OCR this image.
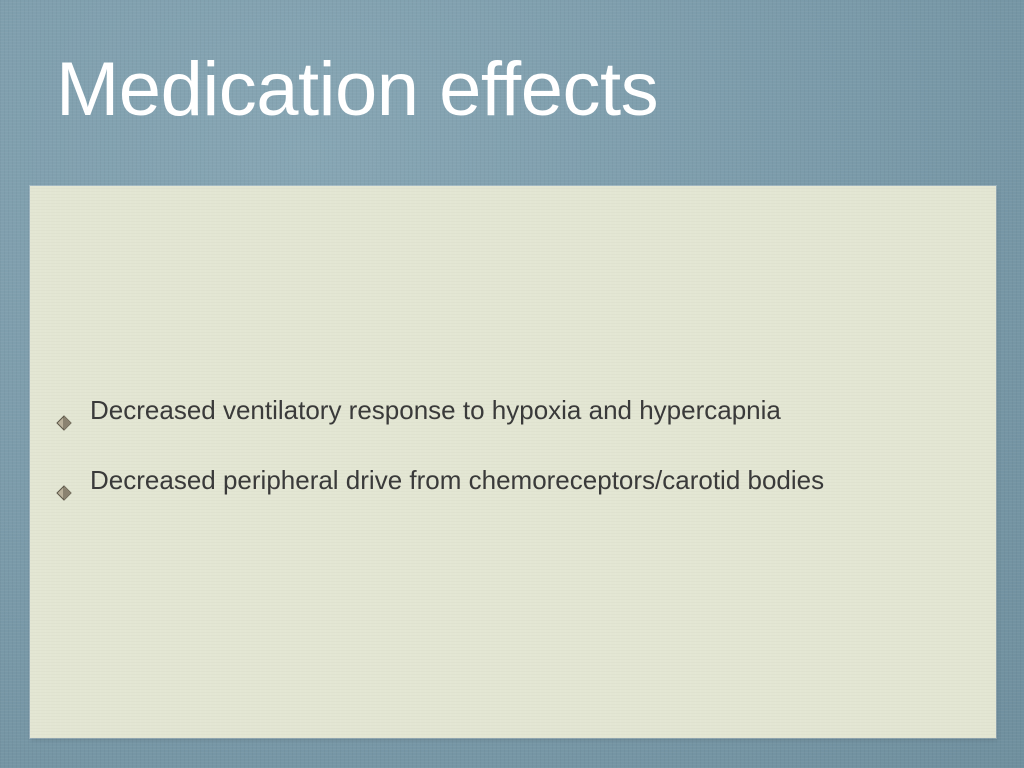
Medication effects
Decreased ventilatory response to hypoxia and hypercapnia
Decreased peripheral drive from chemoreceptors/carotid bodies
